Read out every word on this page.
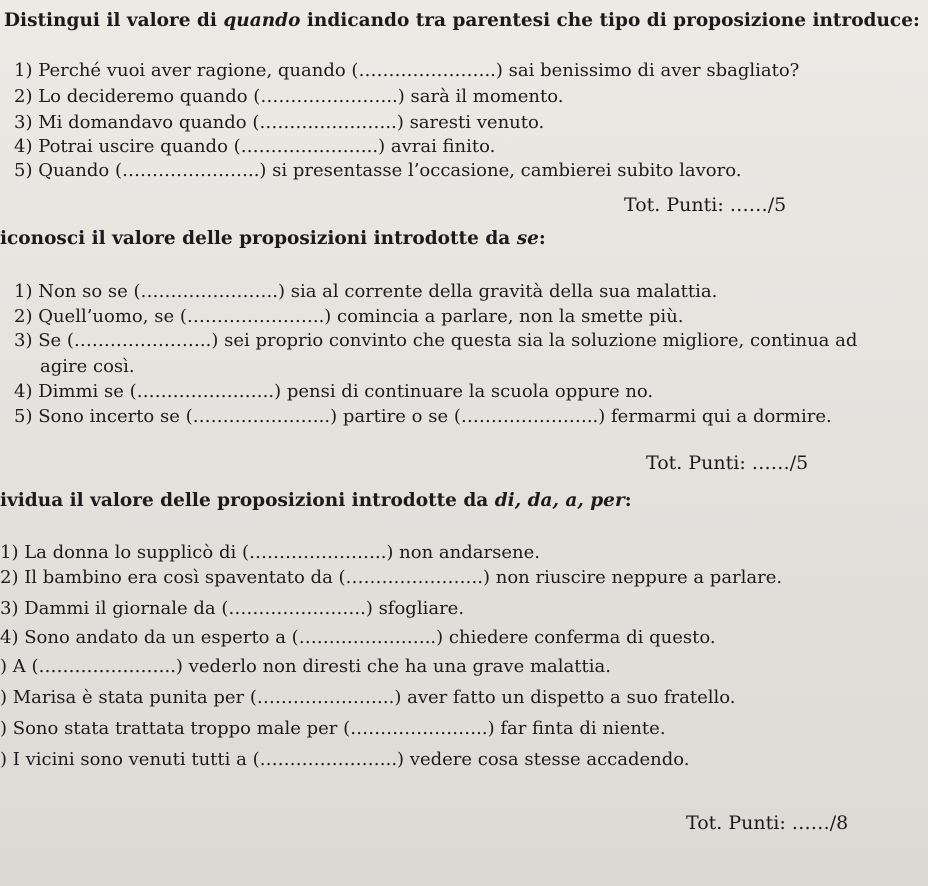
Distingui il valore di quando indicando tra parentesi che tipo di proposizione introduce:
1) Perché vuoi aver ragione, quando (…………………..) sai benissimo di aver sbagliato?
2) Lo decideremo quando (…………………..) sarà il momento.
3) Mi domandavo quando (…………………..) saresti venuto.
4) Potrai uscire quando (…………………..) avrai finito.
5) Quando (…………………..) si presentasse l’occasione, cambierei subito lavoro.
Tot. Punti: ……/5
iconosci il valore delle proposizioni introdotte da se:
1) Non so se (…………………..) sia al corrente della gravità della sua malattia.
2) Quell’uomo, se (…………………..) comincia a parlare, non la smette più.
3) Se (…………………..) sei proprio convinto che questa sia la soluzione migliore, continua ad
agire così.
4) Dimmi se (…………………..) pensi di continuare la scuola oppure no.
5) Sono incerto se (…………………..) partire o se (…………………..) fermarmi qui a dormire.
Tot. Punti: ……/5
ividua il valore delle proposizioni introdotte da di, da, a, per:
1) La donna lo supplicò di (…………………..) non andarsene.
2) Il bambino era così spaventato da (…………………..) non riuscire neppure a parlare.
3) Dammi il giornale da (…………………..) sfogliare.
4) Sono andato da un esperto a (…………………..) chiedere conferma di questo.
) A (…………………..) vederlo non diresti che ha una grave malattia.
) Marisa è stata punita per (…………………..) aver fatto un dispetto a suo fratello.
) Sono stata trattata troppo male per (…………………..) far finta di niente.
) I vicini sono venuti tutti a (…………………..) vedere cosa stesse accadendo.
Tot. Punti: ……/8
